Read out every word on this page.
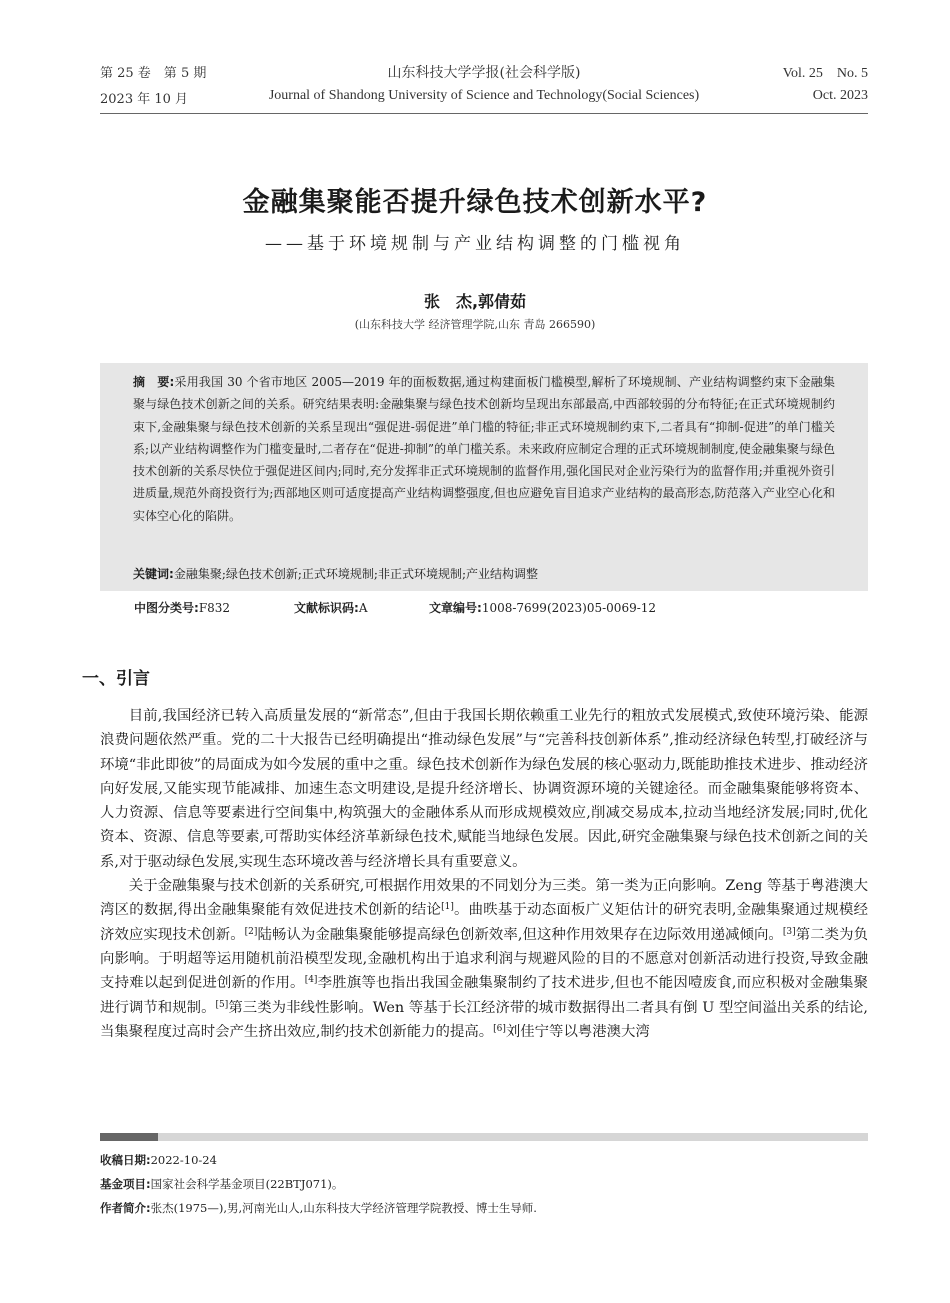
第 25 卷　第 5 期	山东科技大学学报(社会科学版)	Vol. 25　No. 5
2023 年 10 月	Journal of Shandong University of Science and Technology(Social Sciences)	Oct. 2023
金融集聚能否提升绿色技术创新水平?
——基于环境规制与产业结构调整的门槛视角
张　杰,郭倩茹
(山东科技大学 经济管理学院,山东 青岛 266590)
摘　要:采用我国 30 个省市地区 2005—2019 年的面板数据,通过构建面板门槛模型,解析了环境规制、产业结构调整约束下金融集聚与绿色技术创新之间的关系。研究结果表明:金融集聚与绿色技术创新均呈现出东部最高,中西部较弱的分布特征;在正式环境规制约束下,金融集聚与绿色技术创新的关系呈现出“强促进-弱促进”单门槛的特征;非正式环境规制约束下,二者具有“抑制-促进”的单门槛关系;以产业结构调整作为门槛变量时,二者存在“促进-抑制”的单门槛关系。未来政府应制定合理的正式环境规制制度,使金融集聚与绿色技术创新的关系尽快位于强促进区间内;同时,充分发挥非正式环境规制的监督作用,强化国民对企业污染行为的监督作用;并重视外资引进质量,规范外商投资行为;西部地区则可适度提高产业结构调整强度,但也应避免盲目追求产业结构的最高形态,防范落入产业空心化和实体空心化的陷阱。
关键词:金融集聚;绿色技术创新;正式环境规制;非正式环境规制;产业结构调整
中图分类号:F832	文献标识码:A	文章编号:1008-7699(2023)05-0069-12
一、引言

目前,我国经济已转入高质量发展的“新常态”,但由于我国长期依赖重工业先行的粗放式发展模式,致使环境污染、能源浪费问题依然严重。党的二十大报告已经明确提出“推动绿色发展”与“完善科技创新体系”,推动经济绿色转型,打破经济与环境“非此即彼”的局面成为如今发展的重中之重。绿色技术创新作为绿色发展的核心驱动力,既能助推技术进步、推动经济向好发展,又能实现节能减排、加速生态文明建设,是提升经济增长、协调资源环境的关键途径。而金融集聚能够将资本、人力资源、信息等要素进行空间集中,构筑强大的金融体系从而形成规模效应,削减交易成本,拉动当地经济发展;同时,优化资本、资源、信息等要素,可帮助实体经济革新绿色技术,赋能当地绿色发展。因此,研究金融集聚与绿色技术创新之间的关系,对于驱动绿色发展,实现生态环境改善与经济增长具有重要意义。

关于金融集聚与技术创新的关系研究,可根据作用效果的不同划分为三类。第一类为正向影响。Zeng 等基于粤港澳大湾区的数据,得出金融集聚能有效促进技术创新的结论[1]。曲昳基于动态面板广义矩估计的研究表明,金融集聚通过规模经济效应实现技术创新。[2]陆畅认为金融集聚能够提高绿色创新效率,但这种作用效果存在边际效用递减倾向。[3]第二类为负向影响。于明超等运用随机前沿模型发现,金融机构出于追求利润与规避风险的目的不愿意对创新活动进行投资,导致金融支持难以起到促进创新的作用。[4]李胜旗等也指出我国金融集聚制约了技术进步,但也不能因噎废食,而应积极对金融集聚进行调节和规制。[5]第三类为非线性影响。Wen 等基于长江经济带的城市数据得出二者具有倒 U 型空间溢出关系的结论,当集聚程度过高时会产生挤出效应,制约技术创新能力的提高。[6]刘佳宁等以粤港澳大湾

收稿日期:2022-10-24
基金项目:国家社会科学基金项目(22BTJ071)。
作者简介:张杰(1975—),男,河南光山人,山东科技大学经济管理学院教授、博士生导师.
